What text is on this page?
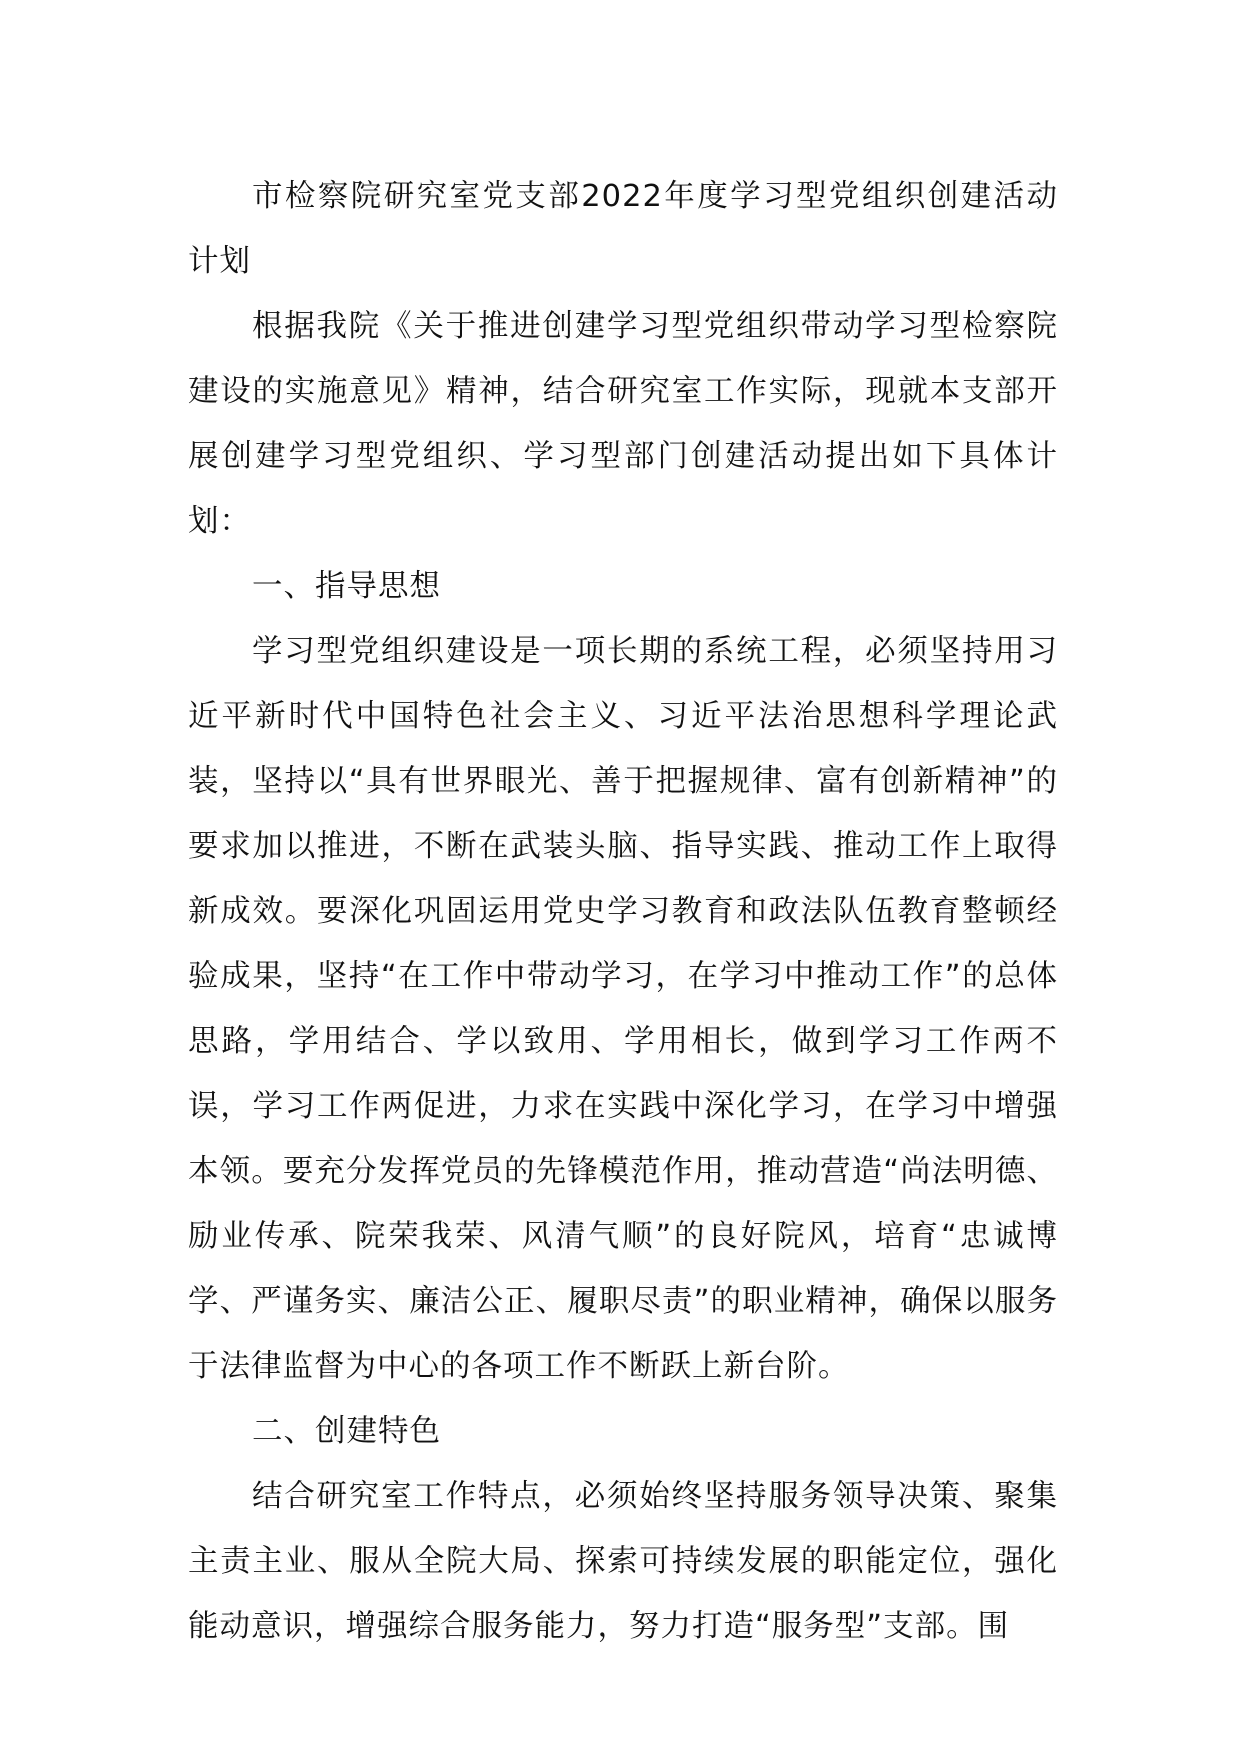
市检察院研究室党支部2022年度学习型党组织创建活动计划

根据我院《关于推进创建学习型党组织带动学习型检察院建设的实施意见》精神，结合研究室工作实际，现就本支部开展创建学习型党组织、学习型部门创建活动提出如下具体计划：

一、指导思想

学习型党组织建设是一项长期的系统工程，必须坚持用习近平新时代中国特色社会主义、习近平法治思想科学理论武装，坚持以“具有世界眼光、善于把握规律、富有创新精神”的要求加以推进，不断在武装头脑、指导实践、推动工作上取得新成效。要深化巩固运用党史学习教育和政法队伍教育整顿经验成果，坚持“在工作中带动学习，在学习中推动工作”的总体思路，学用结合、学以致用、学用相长，做到学习工作两不误，学习工作两促进，力求在实践中深化学习，在学习中增强本领。要充分发挥党员的先锋模范作用，推动营造“尚法明德、励业传承、院荣我荣、风清气顺”的良好院风，培育“忠诚博学、严谨务实、廉洁公正、履职尽责”的职业精神，确保以服务于法律监督为中心的各项工作不断跃上新台阶。

二、创建特色

结合研究室工作特点，必须始终坚持服务领导决策、聚集主责主业、服从全院大局、探索可持续发展的职能定位，强化能动意识，增强综合服务能力，努力打造“服务型”支部。围
